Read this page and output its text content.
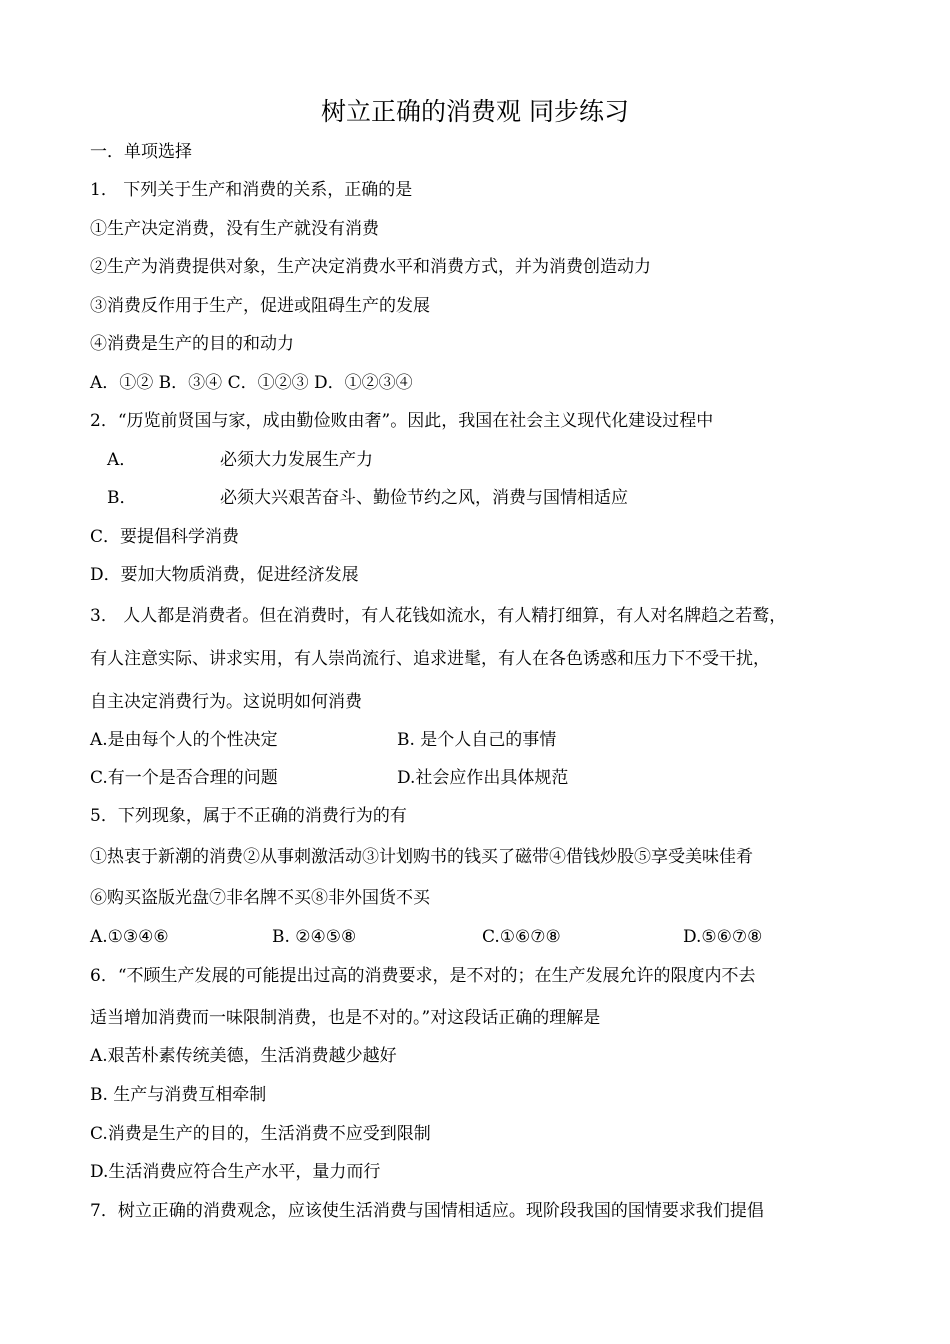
树立正确的消费观 同步练习
一．单项选择
1． 下列关于生产和消费的关系，正确的是
①生产决定消费，没有生产就没有消费
②生产为消费提供对象，生产决定消费水平和消费方式，并为消费创造动力
③消费反作用于生产，促进或阻碍生产的发展
④消费是生产的目的和动力
A．①② B．③④ C．①②③ D．①②③④
2．“历览前贤国与家，成由勤俭败由奢”。因此，我国在社会主义现代化建设过程中
A．	必须大力发展生产力
B．	必须大兴艰苦奋斗、勤俭节约之风，消费与国情相适应
C．要提倡科学消费
D．要加大物质消费，促进经济发展
3． 人人都是消费者。但在消费时，有人花钱如流水，有人精打细算，有人对名牌趋之若鹜，
有人注意实际、讲求实用，有人崇尚流行、追求进髦，有人在各色诱惑和压力下不受干扰，
自主决定消费行为。这说明如何消费
A.是由每个人的个性决定	B. 是个人自己的事情
C.有一个是否合理的问题	D.社会应作出具体规范
5．下列现象，属于不正确的消费行为的有
①热衷于新潮的消费②从事刺激活动③计划购书的钱买了磁带④借钱炒股⑤享受美味佳肴
⑥购买盗版光盘⑦非名牌不买⑧非外国货不买
A.①③④⑥	B. ②④⑤⑧	C.①⑥⑦⑧	D.⑤⑥⑦⑧
6．“不顾生产发展的可能提出过高的消费要求，是不对的；在生产发展允许的限度内不去
适当增加消费而一味限制消费，也是不对的。”对这段话正确的理解是
A.艰苦朴素传统美德，生活消费越少越好
B. 生产与消费互相牵制
C.消费是生产的目的，生活消费不应受到限制
D.生活消费应符合生产水平，量力而行
7．树立正确的消费观念，应该使生活消费与国情相适应。现阶段我国的国情要求我们提倡
